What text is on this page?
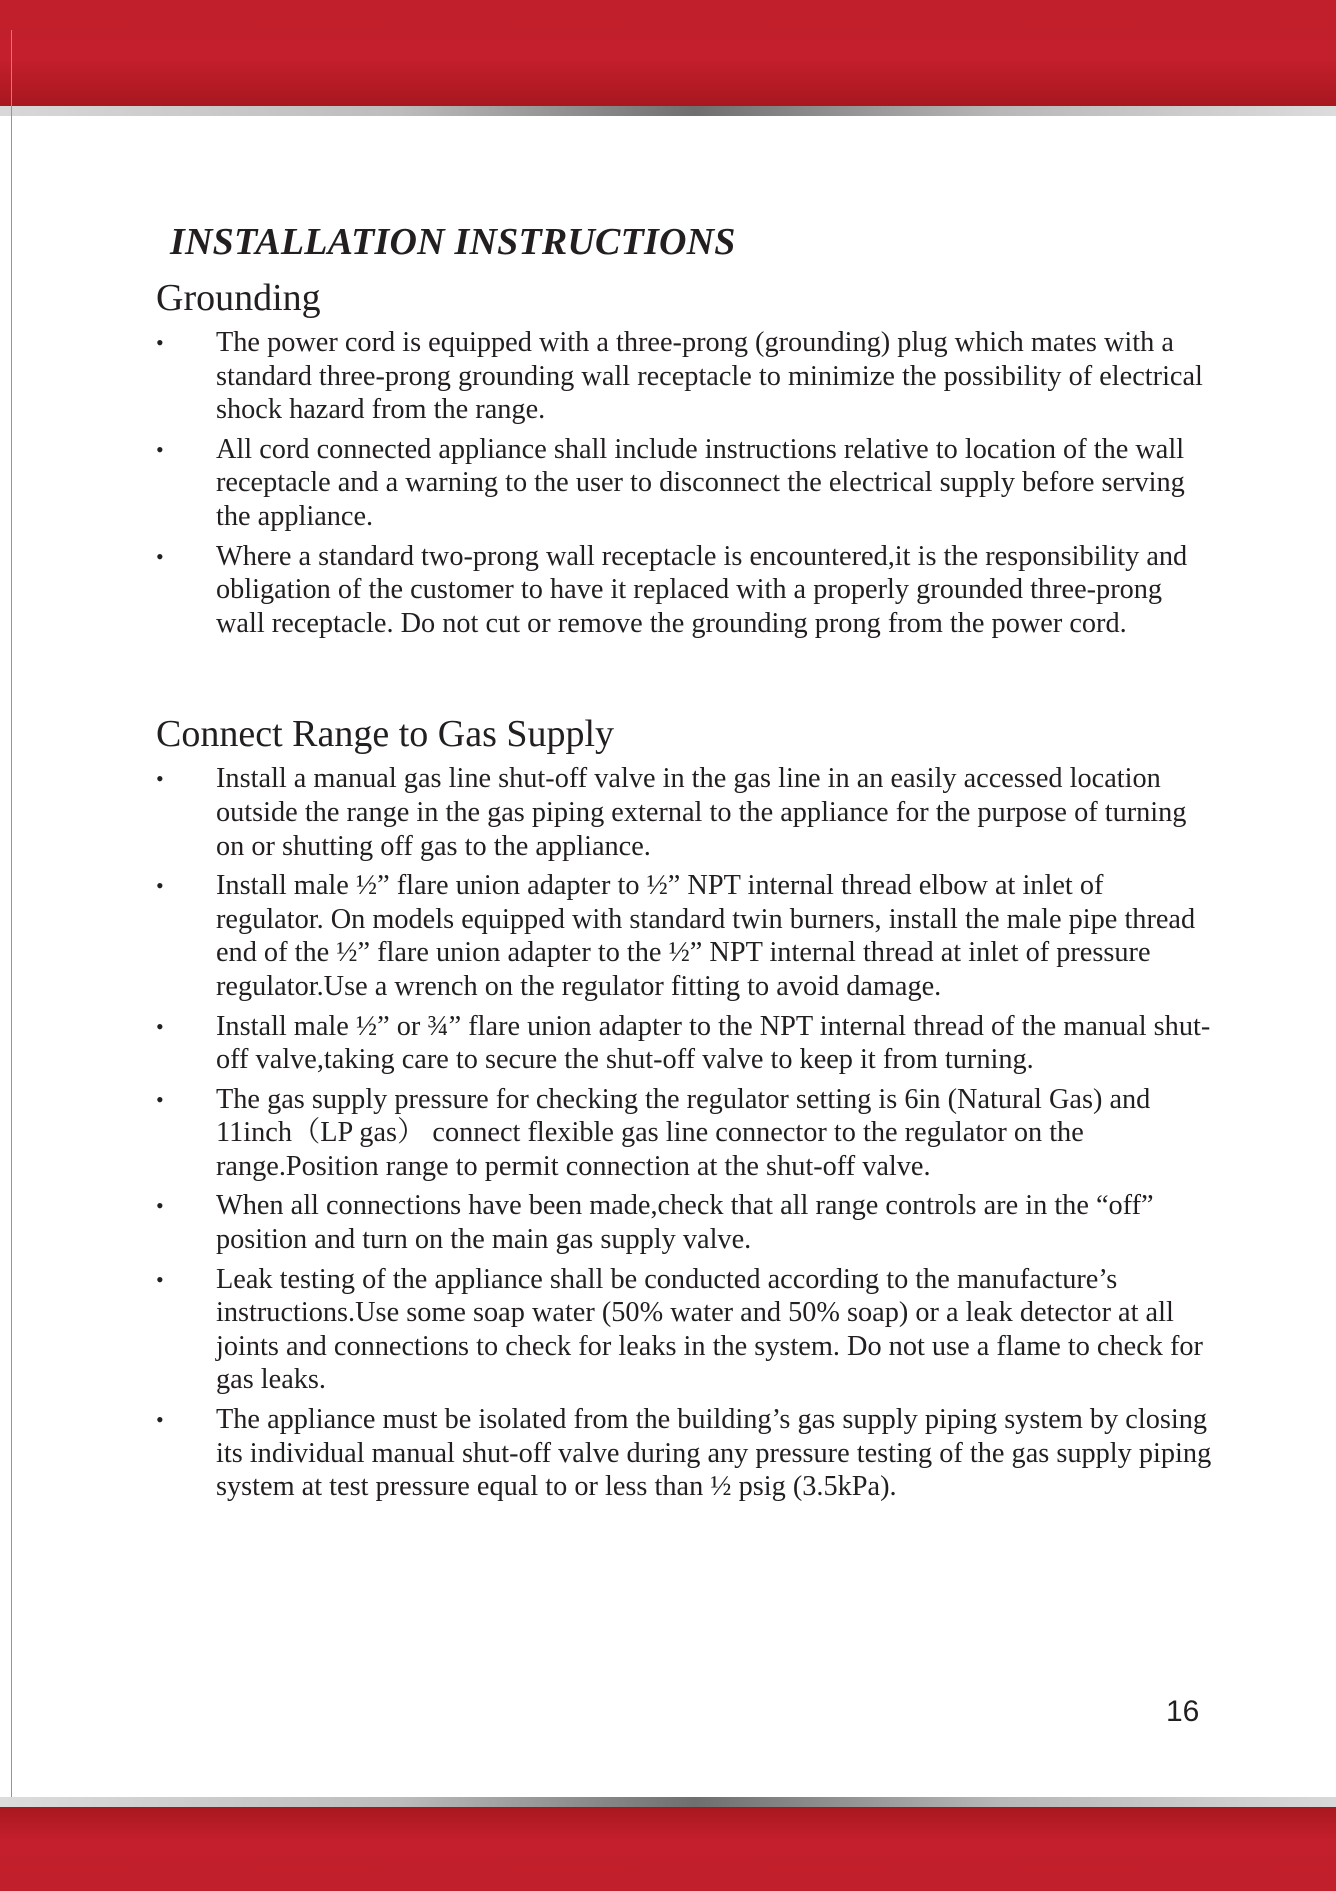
INSTALLATION INSTRUCTIONS
Grounding
• The power cord is equipped with a three-prong (grounding) plug which mates with a standard three-prong grounding wall receptacle to minimize the possibility of electrical shock hazard from the range.
• All cord connected appliance shall include instructions relative to location of the wall receptacle and a warning to the user to disconnect the electrical supply before serving the appliance.
• Where a standard two-prong wall receptacle is encountered,it is the responsibility and obligation of the customer to have it replaced with a properly grounded three-prong wall receptacle. Do not cut or remove the grounding prong from the power cord.
Connect Range to Gas Supply
• Install a manual gas line shut-off valve in the gas line in an easily accessed location outside the range in the gas piping external to the appliance for the purpose of turning on or shutting off gas to the appliance.
• Install male ½” flare union adapter to ½” NPT internal thread elbow at inlet of regulator. On models equipped with standard twin burners, install the male pipe thread end of the ½” flare union adapter to the ½” NPT internal thread at inlet of pressure regulator.Use a wrench on the regulator fitting to avoid damage.
• Install male ½” or ¾” flare union adapter to the NPT internal thread of the manual shut-off valve,taking care to secure the shut-off valve to keep it from turning.
• The gas supply pressure for checking the regulator setting is 6in (Natural Gas) and 11inch（LP gas） connect flexible gas line connector to the regulator on the range.Position range to permit connection at the shut-off valve.
• When all connections have been made,check that all range controls are in the “off” position and turn on the main gas supply valve.
• Leak testing of the appliance shall be conducted according to the manufacture’s instructions.Use some soap water (50% water and 50% soap) or a leak detector at all joints and connections to check for leaks in the system. Do not use a flame to check for gas leaks.
• The appliance must be isolated from the building’s gas supply piping system by closing its individual manual shut-off valve during any pressure testing of the gas supply piping system at test pressure equal to or less than ½ psig (3.5kPa).
16
